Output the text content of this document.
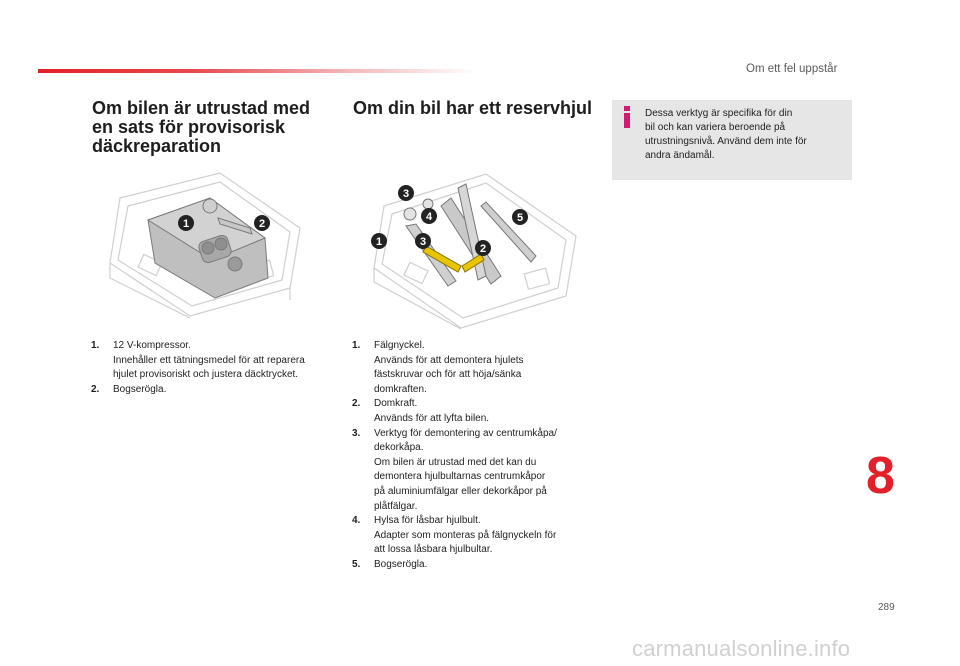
Om ett fel uppstår
Om bilen är utrustad med
en sats för provisorisk
däckreparation
Om din bil har ett reservhjul	Dessa verktyg är specifika för din
bil och kan variera beroende på
utrustningsnivå. Använd dem inte för
andra ändamål.
1	2
3
4	5
1	3
2
1. 12 V-kompressor.
Innehåller ett tätningsmedel för att reparera
hjulet provisoriskt och justera däcktrycket.
2. Bogserögla.
1. Fälgnyckel.
Används för att demontera hjulets
fästskruvar och för att höja/sänka
domkraften.
2. Domkraft.
Används för att lyfta bilen.
3. Verktyg för demontering av centrumkåpa/
dekorkåpa.
Om bilen är utrustad med det kan du
demontera hjulbultarnas centrumkåpor
på aluminiumfälgar eller dekorkåpor på
plåtfälgar.
4. Hylsa för låsbar hjulbult.
Adapter som monteras på fälgnyckeln för
att lossa låsbara hjulbultar.
5. Bogserögla.
8
289
carmanualsonline.info
